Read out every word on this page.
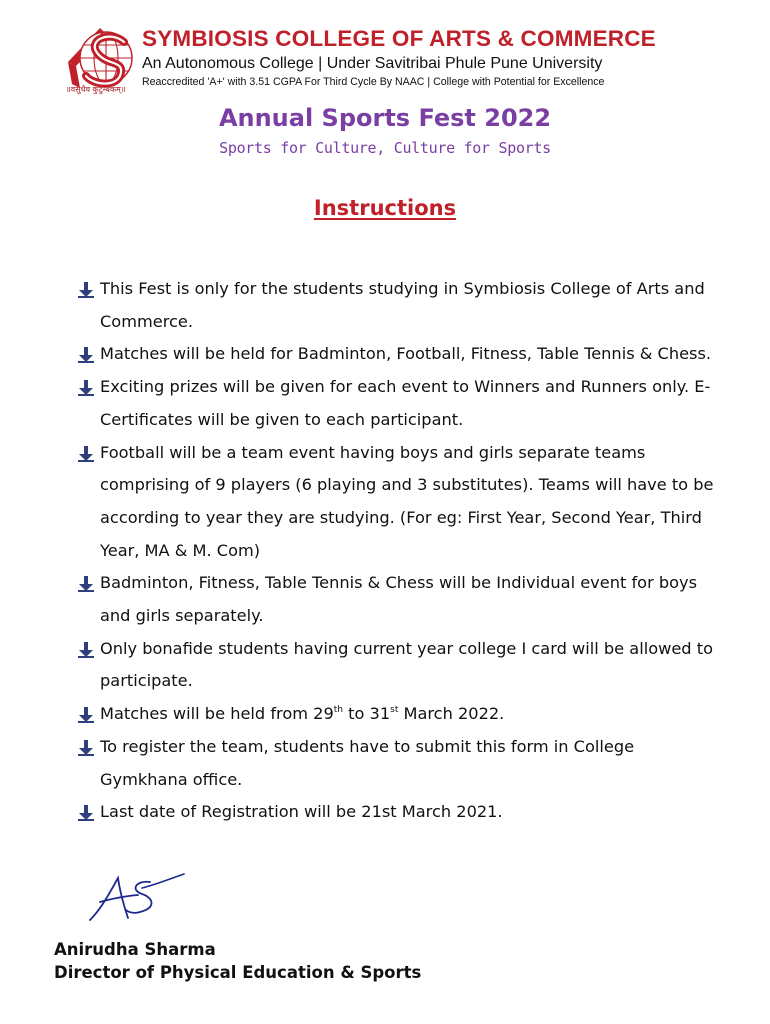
SYMBIOSIS COLLEGE OF ARTS & COMMERCE
An Autonomous College | Under Savitribai Phule Pune University
Reaccredited 'A+' with 3.51 CGPA For Third Cycle By NAAC | College with Potential for Excellence
॥वसुधैव कुटुम्बकम्॥
Annual Sports Fest 2022
Sports for Culture, Culture for Sports
Instructions
This Fest is only for the students studying in Symbiosis College of Arts and Commerce.
Matches will be held for Badminton, Football, Fitness, Table Tennis & Chess.
Exciting prizes will be given for each event to Winners and Runners only. E- Certificates will be given to each participant.
Football will be a team event having boys and girls separate teams comprising of 9 players (6 playing and 3 substitutes). Teams will have to be according to year they are studying. (For eg: First Year, Second Year, Third Year, MA & M. Com)
Badminton, Fitness, Table Tennis & Chess will be Individual event for boys and girls separately.
Only bonafide students having current year college I card will be allowed to participate.
Matches will be held from 29th to 31st March 2022.
To register the team, students have to submit this form in College Gymkhana office.
Last date of Registration will be 21st March 2021.
Anirudha Sharma
Director of Physical Education & Sports
